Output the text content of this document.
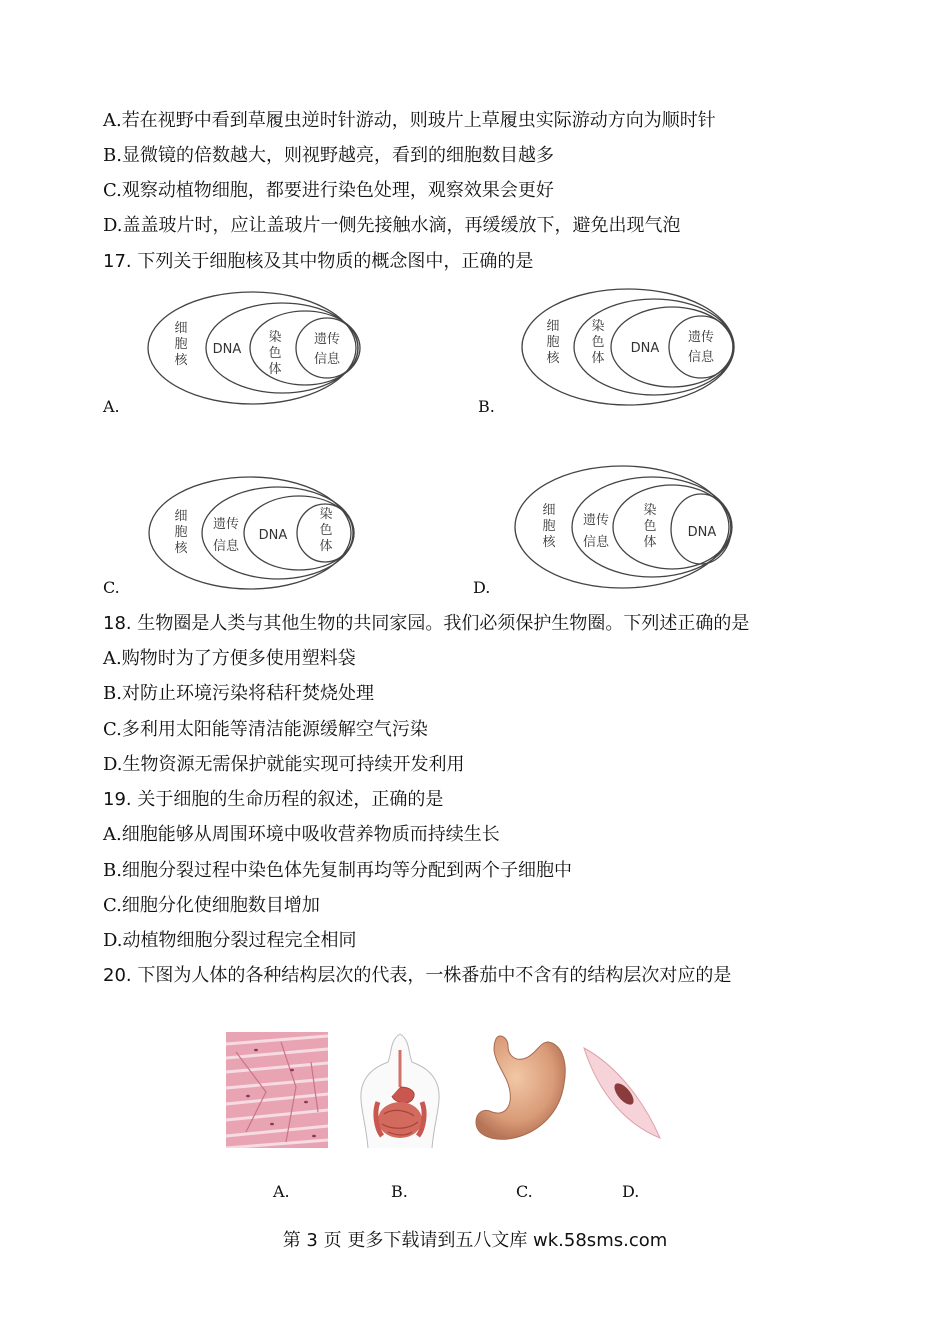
A.若在视野中看到草履虫逆时针游动，则玻片上草履虫实际游动方向为顺时针
B.显微镜的倍数越大，则视野越亮，看到的细胞数目越多
C.观察动植物细胞，都要进行染色处理，观察效果会更好
D.盖盖玻片时，应让盖玻片一侧先接触水滴，再缓缓放下，避免出现气泡
17. 下列关于细胞核及其中物质的概念图中，正确的是
细胞核
DNA
染色体
遗传信息
A.
细胞核
染色体
DNA
遗传信息
B.
细胞核
遗传信息
DNA
染色体
C.
细胞核
遗传信息
染色体
DNA
D.
18. 生物圈是人类与其他生物的共同家园。我们必须保护生物圈。下列述正确的是
A.购物时为了方便多使用塑料袋
B.对防止环境污染将秸秆焚烧处理
C.多利用太阳能等清洁能源缓解空气污染
D.生物资源无需保护就能实现可持续开发利用
19. 关于细胞的生命历程的叙述，正确的是
A.细胞能够从周围环境中吸收营养物质而持续生长
B.细胞分裂过程中染色体先复制再均等分配到两个子细胞中
C.细胞分化使细胞数目增加
D.动植物细胞分裂过程完全相同
20. 下图为人体的各种结构层次的代表，一株番茄中不含有的结构层次对应的是
A.	B.	C.	D.
第 3 页 更多下载请到五八文库 wk.58sms.com
